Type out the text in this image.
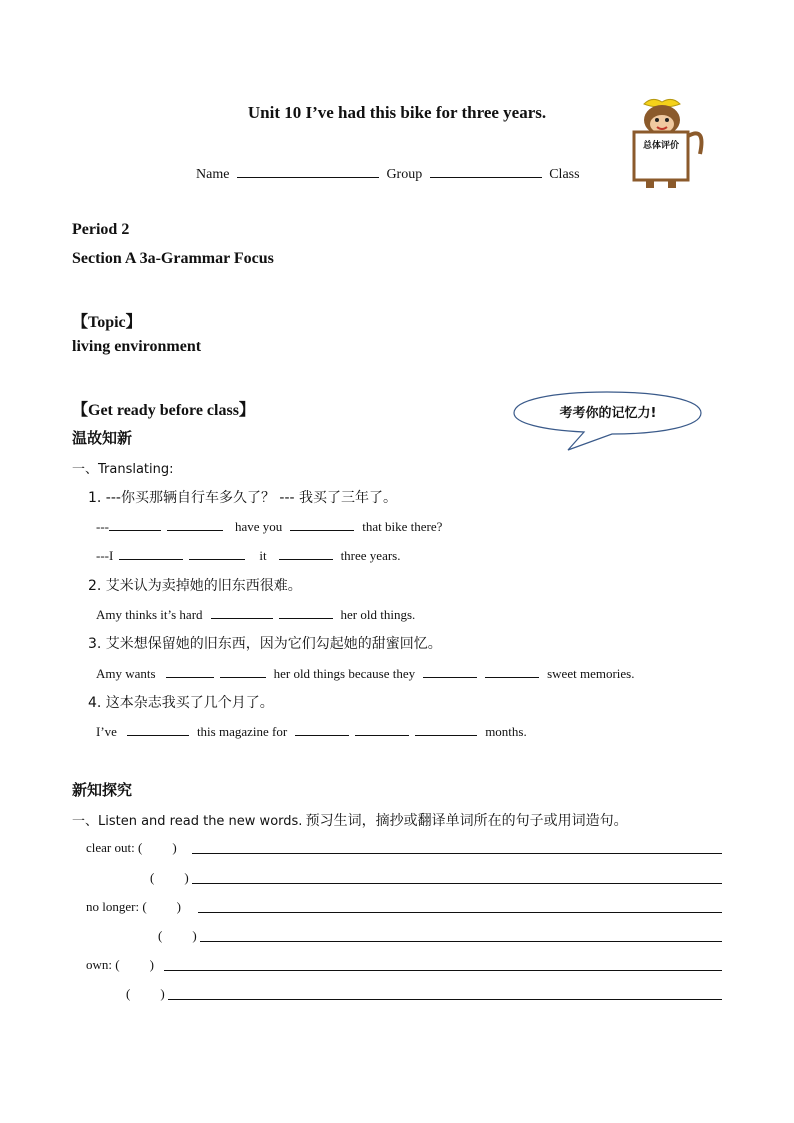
Unit 10 I’ve had this bike for three years.
总体评价
Name	Group	Class
Period 2
Section A 3a-Grammar Focus
【Topic】
living environment
【Get ready before class】	考考你的记忆力!
温故知新
一、Translating:
1. ---你买那辆自行车多久了？ --- 我买了三年了。
---	have you	that bike there?
---I	it	three years.
2. 艾米认为卖掉她的旧东西很难。
Amy thinks it’s hard	her old things.
3. 艾米想保留她的旧东西，因为它们勾起她的甜蜜回忆。
Amy wants	her old things because they	sweet memories.
4. 这本杂志我买了几个月了。
I’ve	this magazine for	months.
新知探究
一、Listen and read the new words. 预习生词，摘抄或翻译单词所在的句子或用词造句。
clear out: ( )
( )
no longer: ( )
( )
own: ( )
( )
